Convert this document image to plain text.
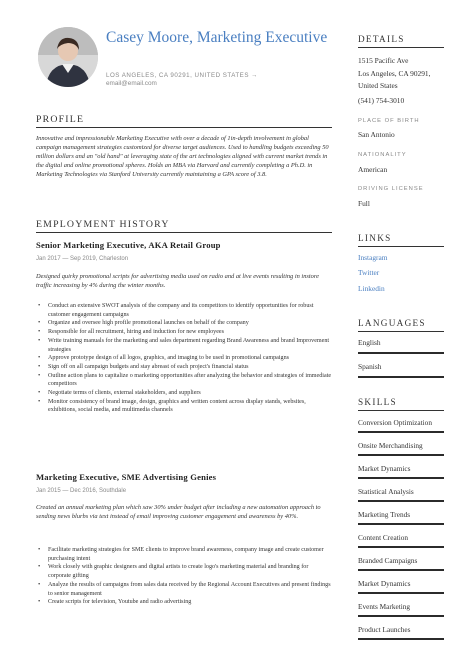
Casey Moore, Marketing Executive
LOS ANGELES, CA 90291, UNITED STATES →
email@email.com
PROFILE
Innovative and impressionable Marketing Executive with over a decade of 1in-depth involvement in global campaign management strategies customized for diverse target audiences. Used to handling budgets exceeding 50 million dollars and an "old hand" at leveraging state of the art technologies aligned with current market trends in the digital and online promotional spheres. Holds an MBA via Harvard and currently completing a Ph.D. in Marketing Technologies via Stanford University currently maintaining a GPA score of 3.8.
EMPLOYMENT HISTORY
Senior Marketing Executive, AKA Retail Group
Jan 2017 — Sep 2019, Charleston
Designed quirky promotional scripts for advertising media used on radio and at live events resulting in instore traffic increasing by 4% during the winter months.
• Conduct an extensive SWOT analysis of the company and its competitors to identify opportunities for robust customer engagement campaigns
• Organize and oversee high profile promotional launches on behalf of the company
• Responsible for all recruitment, hiring and induction for new employees
• Write training manuals for the marketing and sales department regarding Brand Awareness and brand Improvement strategies
• Approve prototype design of all logos, graphics, and imaging to be used in promotional campaigns
• Sign off on all campaign budgets and stay abreast of each project's financial status
• Outline action plans to capitalize o marketing opportunities after analyzing the behavior and strategies of immediate competitors
• Negotiate terms of clients, external stakeholders, and suppliers
• Monitor consistency of brand image, design, graphics and written content across display stands, websites, exhibitions, social media, and multimedia channels
Marketing Executive, SME Advertising Genies
Jan 2015 — Dec 2016, Southdale
Created an annual marketing plan which saw 30% under budget after including a new automation approach to sending news blurbs via text instead of email improving customer engagement and awareness by 40%.
• Facilitate marketing strategies for SME clients to improve brand awareness, company image and create customer purchasing intent
• Work closely with graphic designers and digital artists to create logo's marketing material and branding for corporate gifting
• Analyze the results of campaigns from sales data received by the Regional Account Executives and present findings to senior management
• Create scripts for television, Youtube and radio advertising
DETAILS
1515 Pacific Ave
Los Angeles, CA 90291,
United States
(541) 754-3010
PLACE OF BIRTH
San Antonio
NATIONALITY
American
DRIVING LICENSE
Full
LINKS
Instagram
Twitter
Linkedin
LANGUAGES
English
Spanish
SKILLS
Conversion Optimization
Onsite Merchandising
Market Dynamics
Statistical Analysis
Marketing Trends
Content Creation
Branded Campaigns
Market Dynamics
Events Marketing
Product Launches
